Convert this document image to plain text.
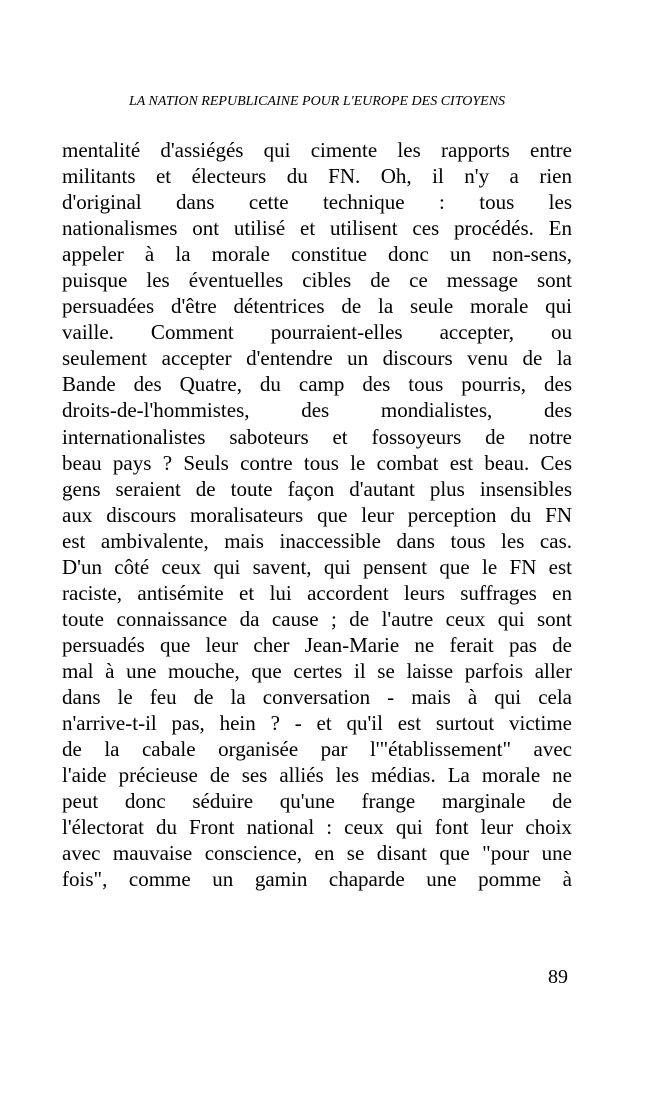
LA NATION REPUBLICAINE POUR L'EUROPE DES CITOYENS
mentalité d'assiégés qui cimente les rapports entre
militants et électeurs du FN. Oh, il n'y a rien
d'original dans cette technique : tous les
nationalismes ont utilisé et utilisent ces procédés. En
appeler à la morale constitue donc un non-sens,
puisque les éventuelles cibles de ce message sont
persuadées d'être détentrices de la seule morale qui
vaille. Comment pourraient-elles accepter, ou
seulement accepter d'entendre un discours venu de la
Bande des Quatre, du camp des tous pourris, des
droits-de-l'hommistes, des mondialistes, des
internationalistes saboteurs et fossoyeurs de notre
beau pays ? Seuls contre tous le combat est beau. Ces
gens seraient de toute façon d'autant plus insensibles
aux discours moralisateurs que leur perception du FN
est ambivalente, mais inaccessible dans tous les cas.
D'un côté ceux qui savent, qui pensent que le FN est
raciste, antisémite et lui accordent leurs suffrages en
toute connaissance da cause ; de l'autre ceux qui sont
persuadés que leur cher Jean-Marie ne ferait pas de
mal à une mouche, que certes il se laisse parfois aller
dans le feu de la conversation - mais à qui cela
n'arrive-t-il pas, hein ? - et qu'il est surtout victime
de la cabale organisée par l'"établissement" avec
l'aide précieuse de ses alliés les médias. La morale ne
peut donc séduire qu'une frange marginale de
l'électorat du Front national : ceux qui font leur choix
avec mauvaise conscience, en se disant que "pour une
fois", comme un gamin chaparde une pomme à
89
